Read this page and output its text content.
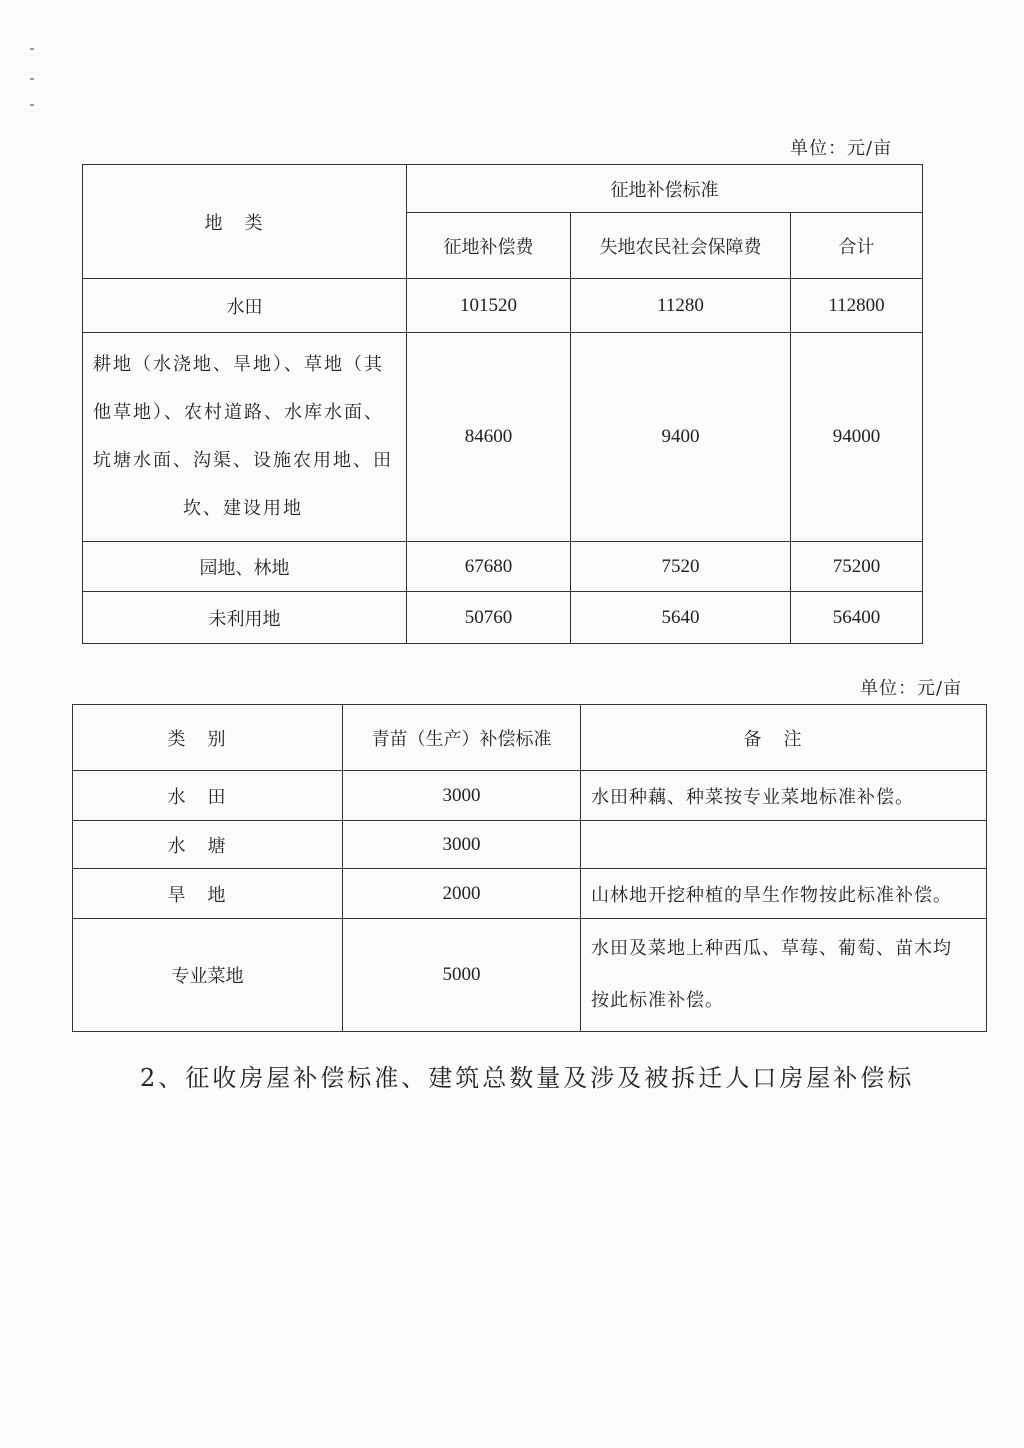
单位：元/亩
地类	征地补偿标准		
	征地补偿费	失地农民社会保障费	合计
水田	101520	11280	112800
耕地（水浇地、旱地）、草地（其
他草地）、农村道路、水库水面、
坑塘水面、沟渠、设施农用地、田

坎、建设用地	84600	9400	94000
园地、林地	67680	7520	75200
未利用地	50760	5640	56400
单位：元/亩
类别	青苗（生产）补偿标准	备注
水田	3000	水田种藕、种菜按专业菜地标准补偿。
水塘	3000	
旱地	2000	山林地开挖种植的旱生作物按此标准补偿。
专业菜地	5000	水田及菜地上种西瓜、草莓、葡萄、苗木均
按此标准补偿。
2、征收房屋补偿标准、建筑总数量及涉及被拆迁人口房屋补偿标
